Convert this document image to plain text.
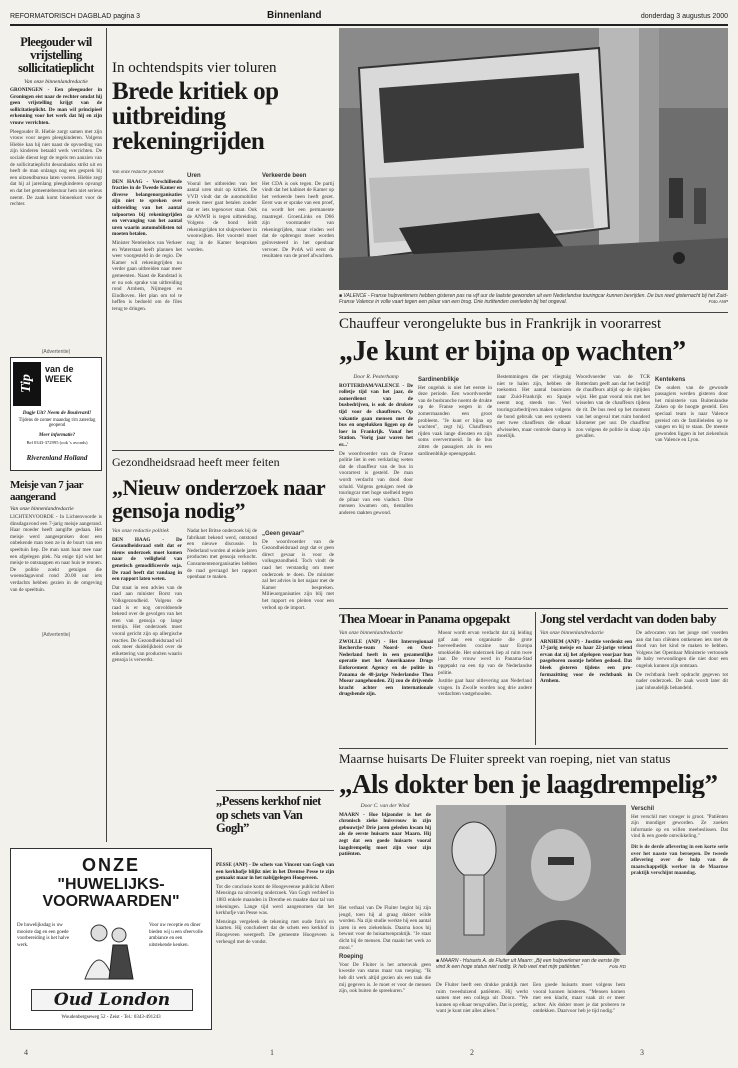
REFORMATORISCH DAGBLAD pagina 3	Binnenland	donderdag 3 augustus 2000
Pleegouder wil vrijstelling sollicitatieplicht
Van onze binnenlandredactie

GRONINGEN - Een pleegouder in Groningen eist naar de rechter omdat hij geen vrijstelling krijgt van de sollicitatieplicht. De man wil principieel erkenning voor het werk dat hij en zijn vrouw verrichten.

Pleegouder B. Hiebie zorgt samen met zijn vrouw voor negen pleegkinderen. Volgens Hiebie kan hij niet naast de opvoeding van zijn kinderen betaald werk verrichten. De sociale dienst legt de regels ten aanzien van de sollicitatieplicht desondanks strikt uit en heeft de man onlangs nog een gesprek bij een uitzendbureau laten voeren. Hiebie zegt dat hij al jarenlang pleegkinderen opvangt en dat het gemeentebestuur hem niet serieus neemt. De zaak komt binnenkort voor de rechter.

(Advertentie)
Tip
van de WEEK
Dagje Uit? Neem de Boulevard!
Tijdens de zomer maandag t/m zaterdag geopend
Meer informatie?
Bel 0343-372995 (ook 's avonds)
Riverenland Holland
Meisje van 7 jaar aangerand
Van onze binnenlandredactie
LICHTENVOORDE - In Lichtenvoorde is dinsdagavond een 7-jarig meisje aangerand. Haar moeder heeft aangifte gedaan. Het meisje werd aangesproken door een onbekende man toen ze in de buurt van een speeltuin liep. De man nam haar mee naar een afgelegen plek. Na enige tijd wist het meisje te ontsnappen en naar huis te rennen. De politie zoekt getuigen die woensdagavond rond 20.00 uur iets verdachts hebben gezien in de omgeving van de speeltuin.
(Advertentie)
ONZE
"HUWELIJKS-
VOORWAARDEN"
De huwelijksdag is uw mooiste dag en een goede voorbereiding is het halve werk.
Voor uw receptie en diner bieden wij u een sfeervolle ambiance en een uitstekende keuken.
Oud London
Woudenbergseweg 52 - Zeist - Tel.: 0343-491243
In ochtendspits vier toluren
Brede kritiek op uitbreiding rekeningrijden

Van onze redactie politiek

DEN HAAG - Verschillende fracties in de Tweede Kamer en diverse belangenorganisaties zijn niet te spreken over uitbreiding van het aantal tolpoorten bij rekeningrijden en vervanging van het aantal uren waarin automobilisten tol moeten betalen.

Minister Netelenbos van Verkeer en Waterstaat heeft plannen het weer voorgesteld in de regio. De Kamer wil rekeningrijden nu verder gaan uitbreiden naar meer gemeenten. Naast de Randstad is er nu ook sprake van uitbreiding rond Arnhem, Nijmegen en Eindhoven. Het plan om tol te heffen is bedoeld om de files terug te dringen.

Uren

Vooral het uitbreiden van het aantal uren stuit op kritiek. De VVD vindt dat de automobilist steeds meer gaat betalen zonder dat er iets tegenover staat. Ook de ANWB is tegen uitbreiding. Volgens de bond leidt rekeningrijden tot sluipverkeer in woonwijken. Het voorstel moet nog in de Kamer besproken worden.

Verkeerde been

Het CDA is ook tegen. De partij vindt dat het kabinet de Kamer op het verkeerde been heeft gezet. Eerst was er sprake van een proef, nu wordt het een permanente maatregel. GroenLinks en D66 zijn voorstander van rekeningrijden, maar vinden wel dat de opbrengst moet worden geïnvesteerd in het openbaar vervoer. De PvdA wil eerst de resultaten van de proef afwachten.

■ VALENCE - Franse hulpverleners hebben gisteren pas na vijf uur de laatste gewonden uit een Nederlandse touringcar kunnen bevrijden. De bus reed gisternacht bij het Zuid-Franse Valence in volle vaart tegen een pilaar van een brug. Drie inzittenden overleden bij het ongeval.	Foto ANP
Chauffeur verongelukte bus in Frankrijk in voorarrest
„Je kunt er bijna op wachten”

Door R. Pesterhamp

ROTTERDAM/VALENCE - De rolletje tijd van het jaar, de zomerdienst van de busbedrijven, is ook de drukste tijd voor de chauffeurs. Op vakantie gaan mensen met de bus en ongelukken liggen op de loer in Frankrijk. Vanaf het Station. 'Vorig jaar waren het er...'

De woordvoerder van de Franse politie liet in een verklaring weten dat de chauffeur van de bus in voorarrest is gesteld. De man wordt verdacht van dood door schuld. Volgens getuigen reed de touringcar met hoge snelheid tegen de pilaar van een viaduct. Drie mensen kwamen om, tientallen anderen raakten gewond.

Sardinenblikje

Het ongeluk is niet het eerste in deze periode. Een woordvoerder van de busbranche noemt de drukte op de Franse wegen in de zomermaanden een groot probleem. "Je kunt er bijna op wachten", zegt hij. Chauffeurs rijden vaak lange diensten en zijn soms oververmoeid. In de bus zitten de passagiers als in een sardinenblikje opeengepakt.

Bestemmingen die per vliegtuig niet te halen zijn, hebben de toekomst. Het aantal busreizen naar Zuid-Frankrijk en Spanje neemt nog steeds toe. Veel touringcarbedrijven maken volgens de bond gebruik van een systeem met twee chauffeurs die elkaar afwisselen, maar controle daarop is moeilijk.

Woordvoerder van de TCR Rotterdam geeft aan dat het bedrijf de chauffeurs altijd op de rijtijden wijst. Het gaat vooral mis met het wisselen van de chauffeurs tijdens de rit. De bus reed op het moment van het ongeval met ruim honderd kilometer per uur. De chauffeur zou volgens de politie in slaap zijn gevallen.

Kentekens

De ouders van de gewonde passagiers werden gisteren door het ministerie van Buitenlandse Zaken op de hoogte gesteld. Een speciaal team is naar Valence gereisd om de familieleden op te vangen en bij te staan. De meeste gewonden liggen in het ziekenhuis van Valence en Lyon.

Gezondheidsraad heeft meer feiten
„Nieuw onderzoek naar gensoja nodig”

Van onze redactie politiek

DEN HAAG - De Gezondheidsraad stelt dat er nieuw onderzoek moet komen naar de veiligheid van genetisch gemodificeerde soja. De raad heeft dat vandaag in een rapport laten weten.

Dat staat in een advies van de raad aan minister Borst van Volksgezondheid. Volgens de raad is er nog onvoldoende bekend over de gevolgen van het eten van gensoja op lange termijn. Het onderzoek moet vooral gericht zijn op allergische reacties. De Gezondheidsraad wil ook meer duidelijkheid over de etikettering van producten waarin gensoja is verwerkt.

Nadat het Britse onderzoek bij de fabrikant bekend werd, ontstond een nieuwe discussie. In Nederland worden al enkele jaren producten met gensoja verkocht. Consumentenorganisaties hebben de raad gevraagd het rapport openbaar te maken.

„Geen gevaar”

De woordvoerder van de Gezondheidsraad zegt dat er geen direct gevaar is voor de volksgezondheid. Toch vindt de raad het verstandig om meer onderzoek te doen. De minister zal het advies in het najaar met de Kamer bespreken. Milieuorganisaties zijn blij met het rapport en pleiten voor een verbod op de import.

Thea Moear in Panama opgepakt

Van onze binnenlandredactie

ZWOLLE (ANP) - Het Interregionaal Recherche-team Noord- en Oost-Nederland heeft in een gezamenlijke operatie met het Amerikaanse Drugs Enforcement Agency en de politie in Panama de 48-jarige Nederlandse Thea Moear aangehouden. Zij zou de drijvende kracht achter een internationale drugsbende zijn.

Moear wordt ervan verdacht dat zij leiding gaf aan een organisatie die grote hoeveelheden cocaïne naar Europa smokkelde. Het onderzoek liep al ruim twee jaar. De vrouw werd in Panama-Stad opgepakt na een tip van de Nederlandse politie.

Justitie gaat haar uitlevering aan Nederland vragen. In Zwolle worden nog drie andere verdachten vastgehouden.

Jong stel verdacht van doden baby

Van onze binnenlandredactie

ARNHEM (ANP) - Justitie verdenkt een 17-jarig meisje en haar 22-jarige vriend ervan dat zij het afgelopen voorjaar hun pasgeboren zoontje hebben gedood. Dat bleek gisteren tijdens een pro-formazitting voor de rechtbank in Arnhem.

De advocaten van het jonge stel voerden aan dat hun cliënten ontkennen iets met de dood van het kind te maken te hebben. Volgens het Openbaar Ministerie vertoonde de baby verwondingen die niet door een ongeluk kunnen zijn ontstaan.

De rechtbank heeft opdracht gegeven tot nader onderzoek. De zaak wordt later dit jaar inhoudelijk behandeld.

„Pessens kerkhof niet op schets van Van Gogh”

PESSE (ANP) - De schets van Vincent van Gogh van een kerkhofje blijkt niet in het Drentse Pesse te zijn gemaakt maar in het nabijgelegen Hoogeveen.

Tot die conclusie komt de Hoogeveense publicist Albert Mensinga na uitvoerig onderzoek. Van Gogh verbleef in 1883 enkele maanden in Drenthe en maakte daar tal van tekeningen. Lange tijd werd aangenomen dat het kerkhofje van Pesse was.

Mensinga vergeleek de tekening met oude foto's en kaarten. Hij concludeert dat de schets een kerkhof in Hoogeveen weergeeft. De gemeente Hoogeveen is verheugd met de vondst.

Maarnse huisarts De Fluiter spreekt van roeping, niet van status
„Als dokter ben je laagdrempelig”

Door C. van der Wind

MAARN - Hoe bijzonder is het de chronisch zieke huisvrouw in zijn gebouwtje? Drie jaren geleden kwam hij als de eerste huisarts naar Maarn. Hij zegt dat een goede huisarts vooral laagdrempelig moet zijn voor zijn patiënten.

Het verhaal van De Fluiter begint bij zijn jeugd, toen hij al graag dokter wilde worden. Na zijn studie werkte hij een aantal jaren in een ziekenhuis. Daarna koos hij bewust voor de huisartsenpraktijk. "Je staat dicht bij de mensen. Dat maakt het werk zo mooi."

Roeping

Voor De Fluiter is het artsenvak geen kwestie van status maar van roeping. "Ik heb dit werk altijd gezien als een taak die mij gegeven is. Je moet er voor de mensen zijn, ook buiten de spreekuren."

■ MAARN - Huisarts A. de Fluiter uit Maarn: „Bij een hulpverlener van de eerste lijn vind ik een hoge status niet nodig. Ik heb veel met mijn patiënten.”	Foto RD

De Fluiter heeft een drukke praktijk met ruim tweeduizend patiënten. Hij werkt samen met een collega uit Doorn. "We kunnen op elkaar terugvallen. Dat is prettig, want je kunt niet alles alleen."

Een goede huisarts moet volgens hem vooral kunnen luisteren. "Mensen komen met een klacht, maar vaak zit er meer achter. Als dokter moet je dat proberen te ontdekken. Daarvoor heb je tijd nodig."

Verschil

Het verschil met vroeger is groot. "Patiënten zijn mondiger geworden. Ze zoeken informatie op en willen meebeslissen. Dat vind ik een goede ontwikkeling."

Dit is de derde aflevering in een korte serie over het naaste van beroepen. De tweede aflevering over de hulp van de maatschappelijk werker in de Maarnse praktijk verschijnt maandag.

4	1	2	3
